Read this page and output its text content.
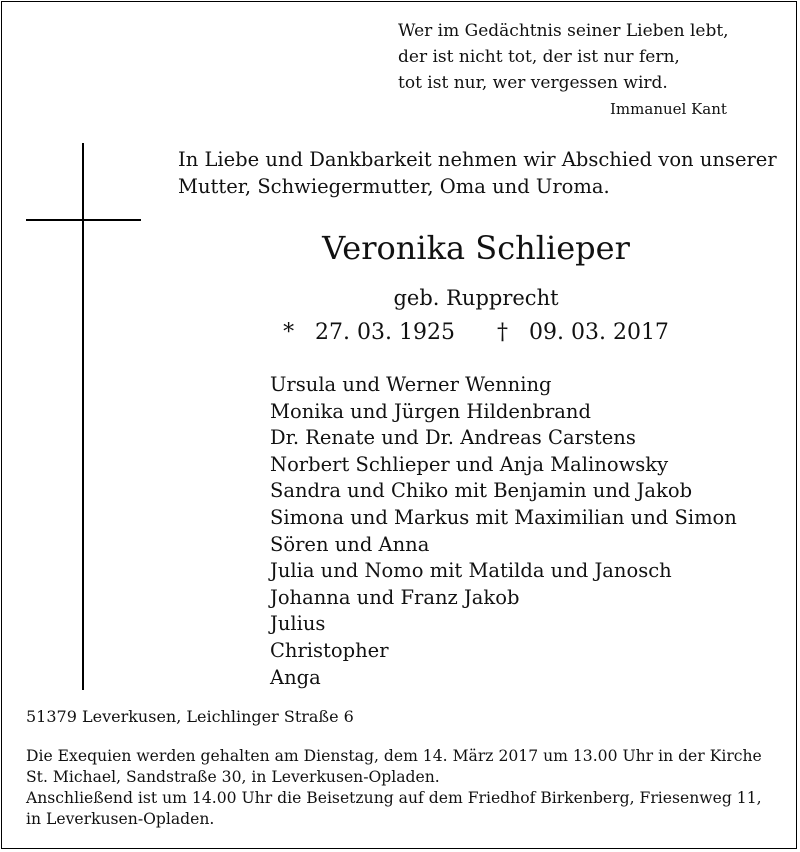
Wer im Gedächtnis seiner Lieben lebt,
der ist nicht tot, der ist nur fern,
tot ist nur, wer vergessen wird.
Immanuel Kant
In Liebe und Dankbarkeit nehmen wir Abschied von unserer
Mutter, Schwiegermutter, Oma und Uroma.
Veronika Schlieper
geb. Rupprecht
* 27. 03. 1925 † 09. 03. 2017
Ursula und Werner Wenning
Monika und Jürgen Hildenbrand
Dr. Renate und Dr. Andreas Carstens
Norbert Schlieper und Anja Malinowsky
Sandra und Chiko mit Benjamin und Jakob
Simona und Markus mit Maximilian und Simon
Sören und Anna
Julia und Nomo mit Matilda und Janosch
Johanna und Franz Jakob
Julius
Christopher
Anga
51379 Leverkusen, Leichlinger Straße 6

Die Exequien werden gehalten am Dienstag, dem 14. März 2017 um 13.00 Uhr in der Kirche

St. Michael, Sandstraße 30, in Leverkusen-Opladen.

Anschließend ist um 14.00 Uhr die Beisetzung auf dem Friedhof Birkenberg, Friesenweg 11,

in Leverkusen-Opladen.
